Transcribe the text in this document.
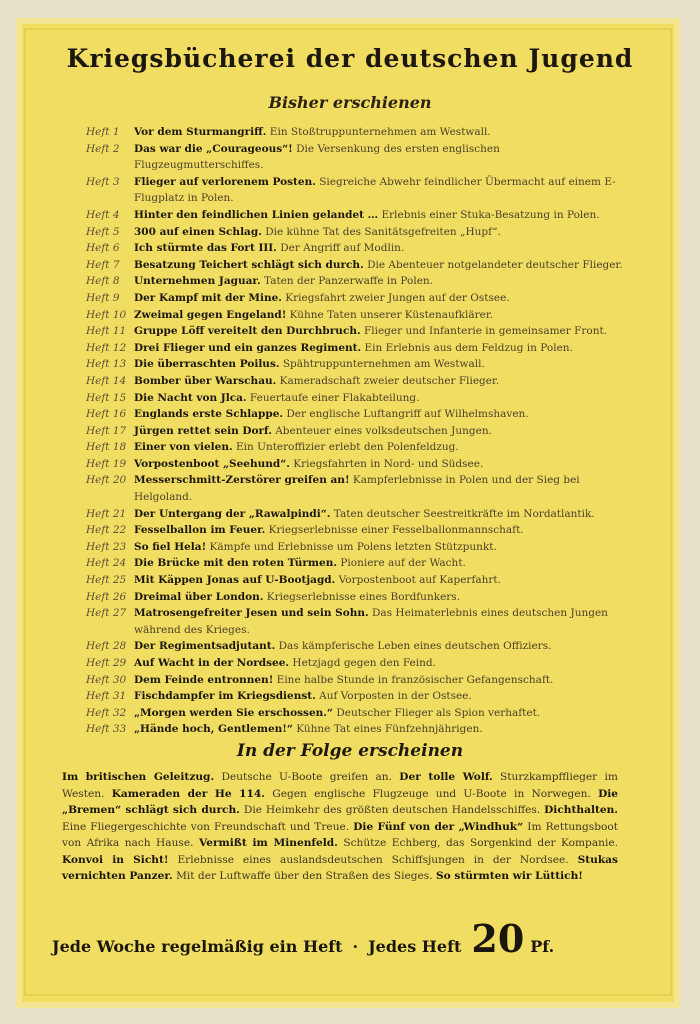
Kriegsbücherei der deutschen Jugend
Bisher erschienen
Heft 1	Vor dem Sturmangriff. Ein Stoßtruppunternehmen am Westwall.
Heft 2	Das war die „Courageous“! Die Versenkung des ersten englischen Flugzeugmutterschiffes.
Heft 3	Flieger auf verlorenem Posten. Siegreiche Abwehr feindlicher Übermacht auf einem E-Flugplatz in Polen.
Heft 4	Hinter den feindlichen Linien gelandet … Erlebnis einer Stuka-Besatzung in Polen.
Heft 5	300 auf einen Schlag. Die kühne Tat des Sanitätsgefreiten „Hupf“.
Heft 6	Ich stürmte das Fort III. Der Angriff auf Modlin.
Heft 7	Besatzung Teichert schlägt sich durch. Die Abenteuer notgelandeter deutscher Flieger.
Heft 8	Unternehmen Jaguar. Taten der Panzerwaffe in Polen.
Heft 9	Der Kampf mit der Mine. Kriegsfahrt zweier Jungen auf der Ostsee.
Heft 10 Zweimal gegen Engeland! Kühne Taten unserer Küstenaufklärer.
Heft 11 Gruppe Löff vereitelt den Durchbruch. Flieger und Infanterie in gemeinsamer Front.
Heft 12 Drei Flieger und ein ganzes Regiment. Ein Erlebnis aus dem Feldzug in Polen.
Heft 13 Die überraschten Poilus. Spähtruppunternehmen am Westwall.
Heft 14 Bomber über Warschau. Kameradschaft zweier deutscher Flieger.
Heft 15 Die Nacht von Jlca. Feuertaufe einer Flakabteilung.
Heft 16 Englands erste Schlappe. Der englische Luftangriff auf Wilhelmshaven.
Heft 17 Jürgen rettet sein Dorf. Abenteuer eines volksdeutschen Jungen.
Heft 18 Einer von vielen. Ein Unteroffizier erlebt den Polenfeldzug.
Heft 19 Vorpostenboot „Seehund“. Kriegsfahrten in Nord- und Südsee.
Heft 20 Messerschmitt-Zerstörer greifen an! Kampferlebnisse in Polen und der Sieg bei Helgoland.
Heft 21 Der Untergang der „Rawalpindi“. Taten deutscher Seestreitkräfte im Nordatlantik.
Heft 22 Fesselballon im Feuer. Kriegserlebnisse einer Fesselballonmannschaft.
Heft 23 So fiel Hela! Kämpfe und Erlebnisse um Polens letzten Stützpunkt.
Heft 24 Die Brücke mit den roten Türmen. Pioniere auf der Wacht.
Heft 25 Mit Käppen Jonas auf U-Bootjagd. Vorpostenboot auf Kaperfahrt.
Heft 26 Dreimal über London. Kriegserlebnisse eines Bordfunkers.
Heft 27 Matrosengefreiter Jesen und sein Sohn. Das Heimaterlebnis eines deutschen Jungen während des Krieges.
Heft 28 Der Regimentsadjutant. Das kämpferische Leben eines deutschen Offiziers.
Heft 29 Auf Wacht in der Nordsee. Hetzjagd gegen den Feind.
Heft 30 Dem Feinde entronnen! Eine halbe Stunde in französischer Gefangenschaft.
Heft 31 Fischdampfer im Kriegsdienst. Auf Vorposten in der Ostsee.
Heft 32 „Morgen werden Sie erschossen.“ Deutscher Flieger als Spion verhaftet.
Heft 33 „Hände hoch, Gentlemen!“ Kühne Tat eines Fünfzehnjährigen.
In der Folge erscheinen
Im britischen Geleitzug. Deutsche U-Boote greifen an. Der tolle Wolf. Sturzkampfflieger im Westen. Kameraden der He 114. Gegen englische Flugzeuge und U-Boote in Norwegen. Die „Bremen“ schlägt sich durch. Die Heimkehr des größten deutschen Handelsschiffes. Dichthalten. Eine Fliegergeschichte von Freundschaft und Treue. Die Fünf von der „Windhuk“ Im Rettungsboot von Afrika nach Hause. Vermißt im Minenfeld. Schütze Echberg, das Sorgenkind der Kompanie. Konvoi in Sicht! Erlebnisse eines auslandsdeutschen Schiffsjungen in der Nordsee. Stukas vernichten Panzer. Mit der Luftwaffe über den Straßen des Sieges. So stürmten wir Lüttich!
Jede Woche regelmäßig ein Heft · Jedes Heft 20 Pf.
